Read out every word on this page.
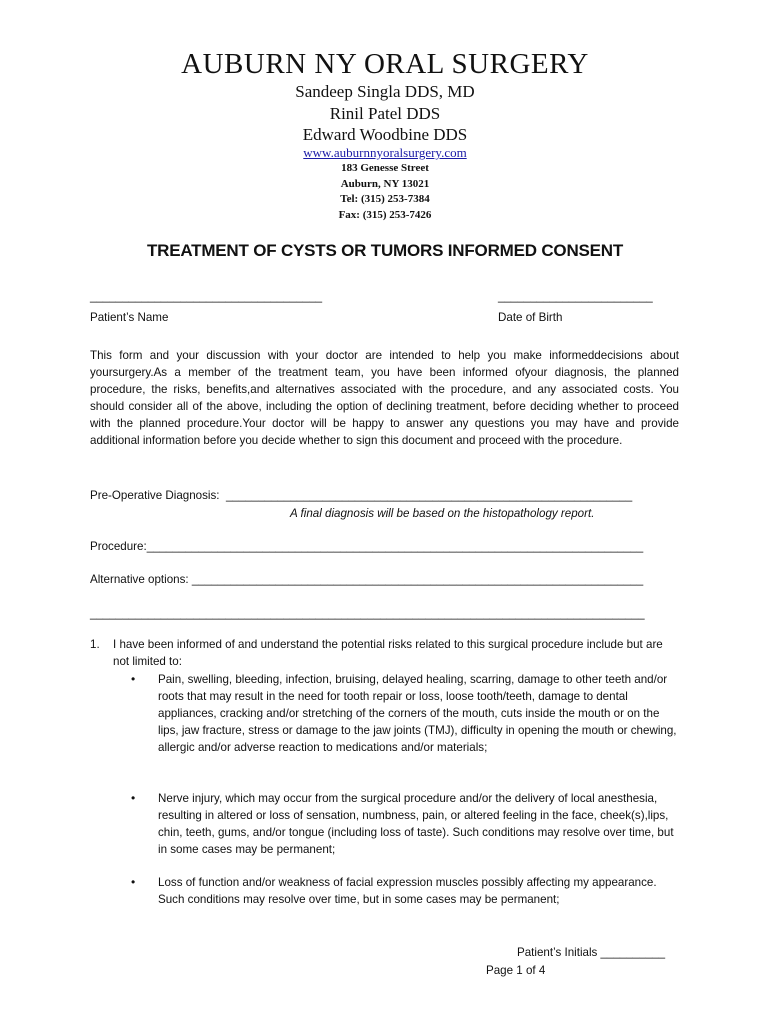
AUBURN NY ORAL SURGERY
Sandeep Singla DDS, MD
Rinil Patel DDS
Edward Woodbine DDS
www.auburnnyoralsurgery.com
183 Genesse Street
Auburn, NY 13021
Tel: (315) 253-7384
Fax: (315) 253-7426
TREATMENT OF CYSTS OR TUMORS INFORMED CONSENT
____________________________________	________________________
Patient’s Name	Date of Birth
This form and your discussion with your doctor are intended to help you make informeddecisions about yoursurgery.As a member of the treatment team, you have been informed ofyour diagnosis, the planned procedure, the risks, benefits,and alternatives associated with the procedure, and any associated costs. You should consider all of the above, including the option of declining treatment, before deciding whether to proceed with the planned procedure.Your doctor will be happy to answer any questions you may have and provide additional information before you decide whether to sign this document and proceed with the procedure.
Pre-Operative Diagnosis:  _______________________________________________________________
A final diagnosis will be based on the histopathology report.
Procedure:_____________________________________________________________________________
Alternative options: ______________________________________________________________________
______________________________________________________________________________________
1. I have been informed of and understand the potential risks related to this surgical procedure include but are not limited to:
• Pain, swelling, bleeding, infection, bruising, delayed healing, scarring, damage to other teeth and/or roots that may result in the need for tooth repair or loss, loose tooth/teeth, damage to dental appliances, cracking and/or stretching of the corners of the mouth, cuts inside the mouth or on the lips, jaw fracture, stress or damage to the jaw joints (TMJ), difficulty in opening the mouth or chewing, allergic and/or adverse reaction to medications and/or materials;
• Nerve injury, which may occur from the surgical procedure and/or the delivery of local anesthesia, resulting in altered or loss of sensation, numbness, pain, or altered feeling in the face, cheek(s),lips, chin, teeth, gums, and/or tongue (including loss of taste). Such conditions may resolve over time, but in some cases may be permanent;
• Loss of function and/or weakness of facial expression muscles possibly affecting my appearance. Such conditions may resolve over time, but in some cases may be permanent;
Patient’s Initials __________
Page 1 of 4
